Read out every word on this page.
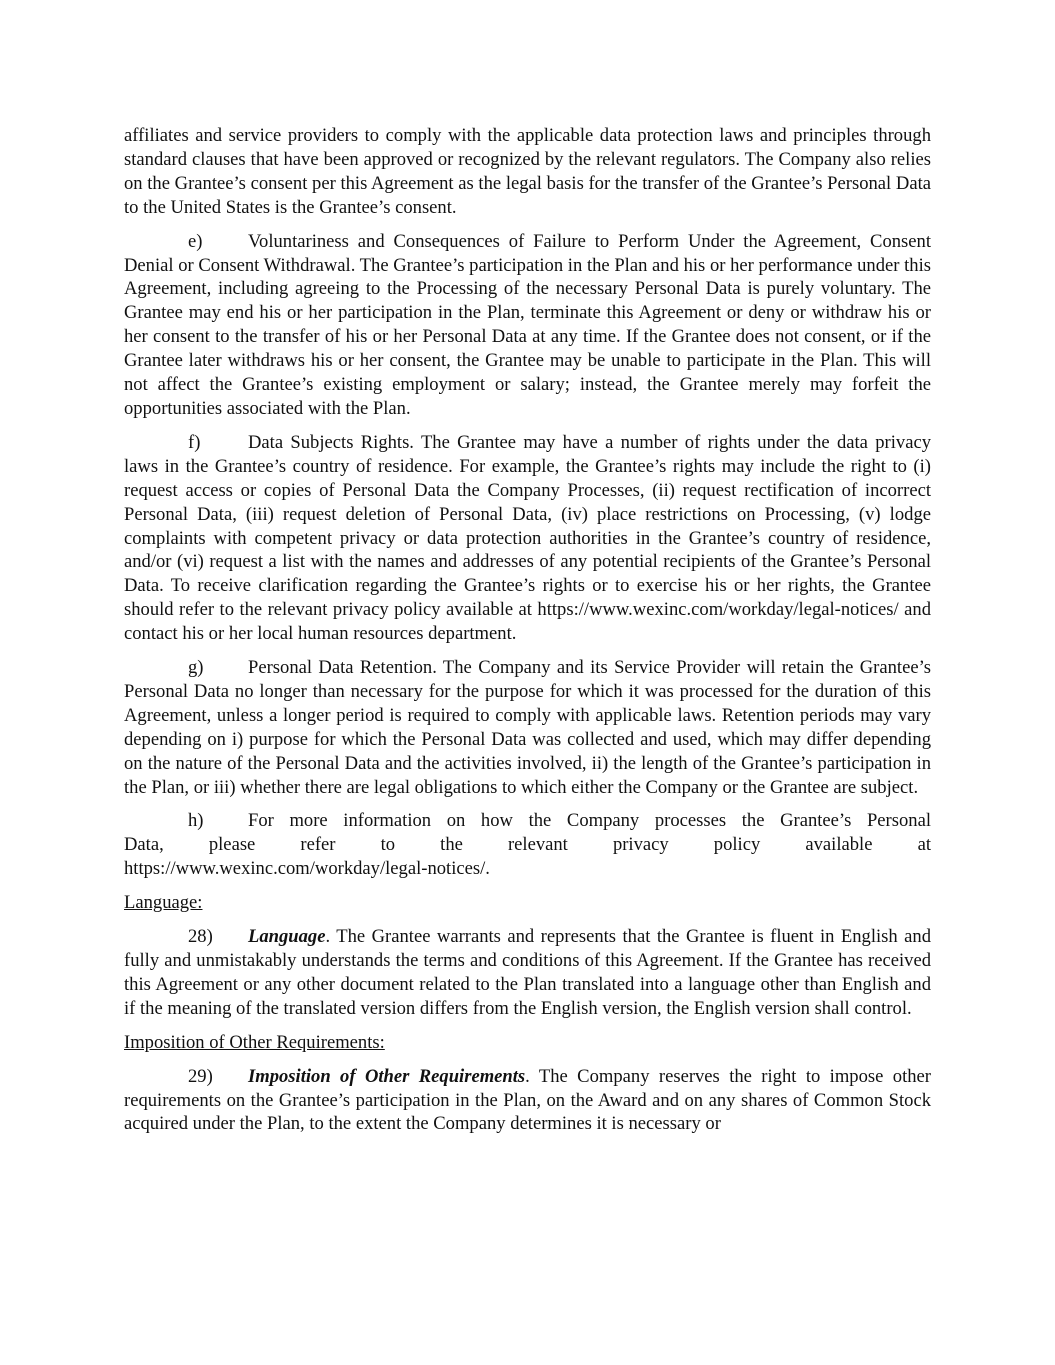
affiliates and service providers to comply with the applicable data protection laws and principles through standard clauses that have been approved or recognized by the relevant regulators. The Company also relies on the Grantee’s consent per this Agreement as the legal basis for the transfer of the Grantee’s Personal Data to the United States is the Grantee’s consent.

e) Voluntariness and Consequences of Failure to Perform Under the Agreement, Consent Denial or Consent Withdrawal. The Grantee’s participation in the Plan and his or her performance under this Agreement, including agreeing to the Processing of the necessary Personal Data is purely voluntary. The Grantee may end his or her participation in the Plan, terminate this Agreement or deny or withdraw his or her consent to the transfer of his or her Personal Data at any time. If the Grantee does not consent, or if the Grantee later withdraws his or her consent, the Grantee may be unable to participate in the Plan. This will not affect the Grantee’s existing employment or salary; instead, the Grantee merely may forfeit the opportunities associated with the Plan.

f)	Data Subjects Rights. The Grantee may have a number of rights under the data privacy laws in the Grantee’s country of residence. For example, the Grantee’s rights may include the right to (i) request access or copies of Personal Data the Company Processes, (ii) request rectification of incorrect Personal Data, (iii) request deletion of Personal Data, (iv) place restrictions on Processing, (v) lodge complaints with competent privacy or data protection authorities in the Grantee’s country of residence, and/or (vi) request a list with the names and addresses of any potential recipients of the Grantee’s Personal Data. To receive clarification regarding the Grantee’s rights or to exercise his or her rights, the Grantee should refer to the relevant privacy policy available at https://www.wexinc.com/workday/legal-notices/ and contact his or her local human resources department.

g) Personal Data Retention. The Company and its Service Provider will retain the Grantee’s Personal Data no longer than necessary for the purpose for which it was processed for the duration of this Agreement, unless a longer period is required to comply with applicable laws. Retention periods may vary depending on i) purpose for which the Personal Data was collected and used, which may differ depending on the nature of the Personal Data and the activities involved, ii) the length of the Grantee’s participation in the Plan, or iii) whether there are legal obligations to which either the Company or the Grantee are subject.

h) For more information on how the Company processes the Grantee’s Personal

Data, please refer to the relevant privacy policy available at

https://www.wexinc.com/workday/legal-notices/.

Language:

28) Language. The Grantee warrants and represents that the Grantee is fluent in English and fully and unmistakably understands the terms and conditions of this Agreement. If the Grantee has received this Agreement or any other document related to the Plan translated into a language other than English and if the meaning of the translated version differs from the English version, the English version shall control.

Imposition of Other Requirements:

29) Imposition of Other Requirements. The Company reserves the right to impose other requirements on the Grantee’s participation in the Plan, on the Award and on any shares of Common Stock acquired under the Plan, to the extent the Company determines it is necessary or
